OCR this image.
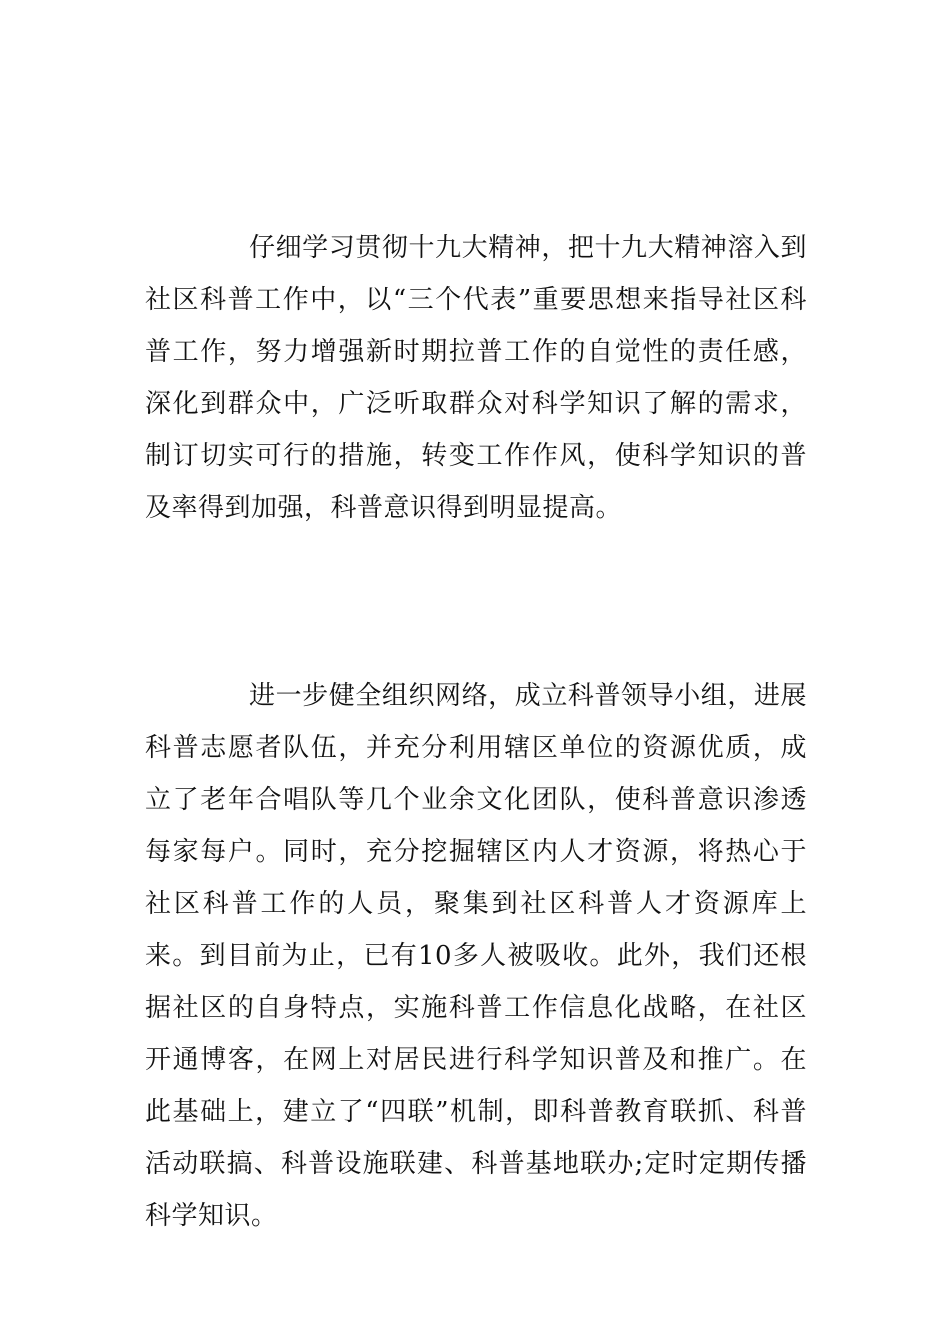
仔细学习贯彻十九大精神，把十九大精神溶入到社区科普工作中，以“三个代表”重要思想来指导社区科普工作，努力增强新时期拉普工作的自觉性的责任感，深化到群众中，广泛听取群众对科学知识了解的需求，制订切实可行的措施，转变工作作风，使科学知识的普及率得到加强，科普意识得到明显提高。

进一步健全组织网络，成立科普领导小组，进展科普志愿者队伍，并充分利用辖区单位的资源优质，成立了老年合唱队等几个业余文化团队，使科普意识渗透每家每户。同时，充分挖掘辖区内人才资源，将热心于社区科普工作的人员，聚集到社区科普人才资源库上来。到目前为止，已有10多人被吸收。此外，我们还根据社区的自身特点，实施科普工作信息化战略，在社区开通博客，在网上对居民进行科学知识普及和推广。在此基础上，建立了“四联”机制，即科普教育联抓、科普活动联搞、科普设施联建、科普基地联办;定时定期传播科学知识。
